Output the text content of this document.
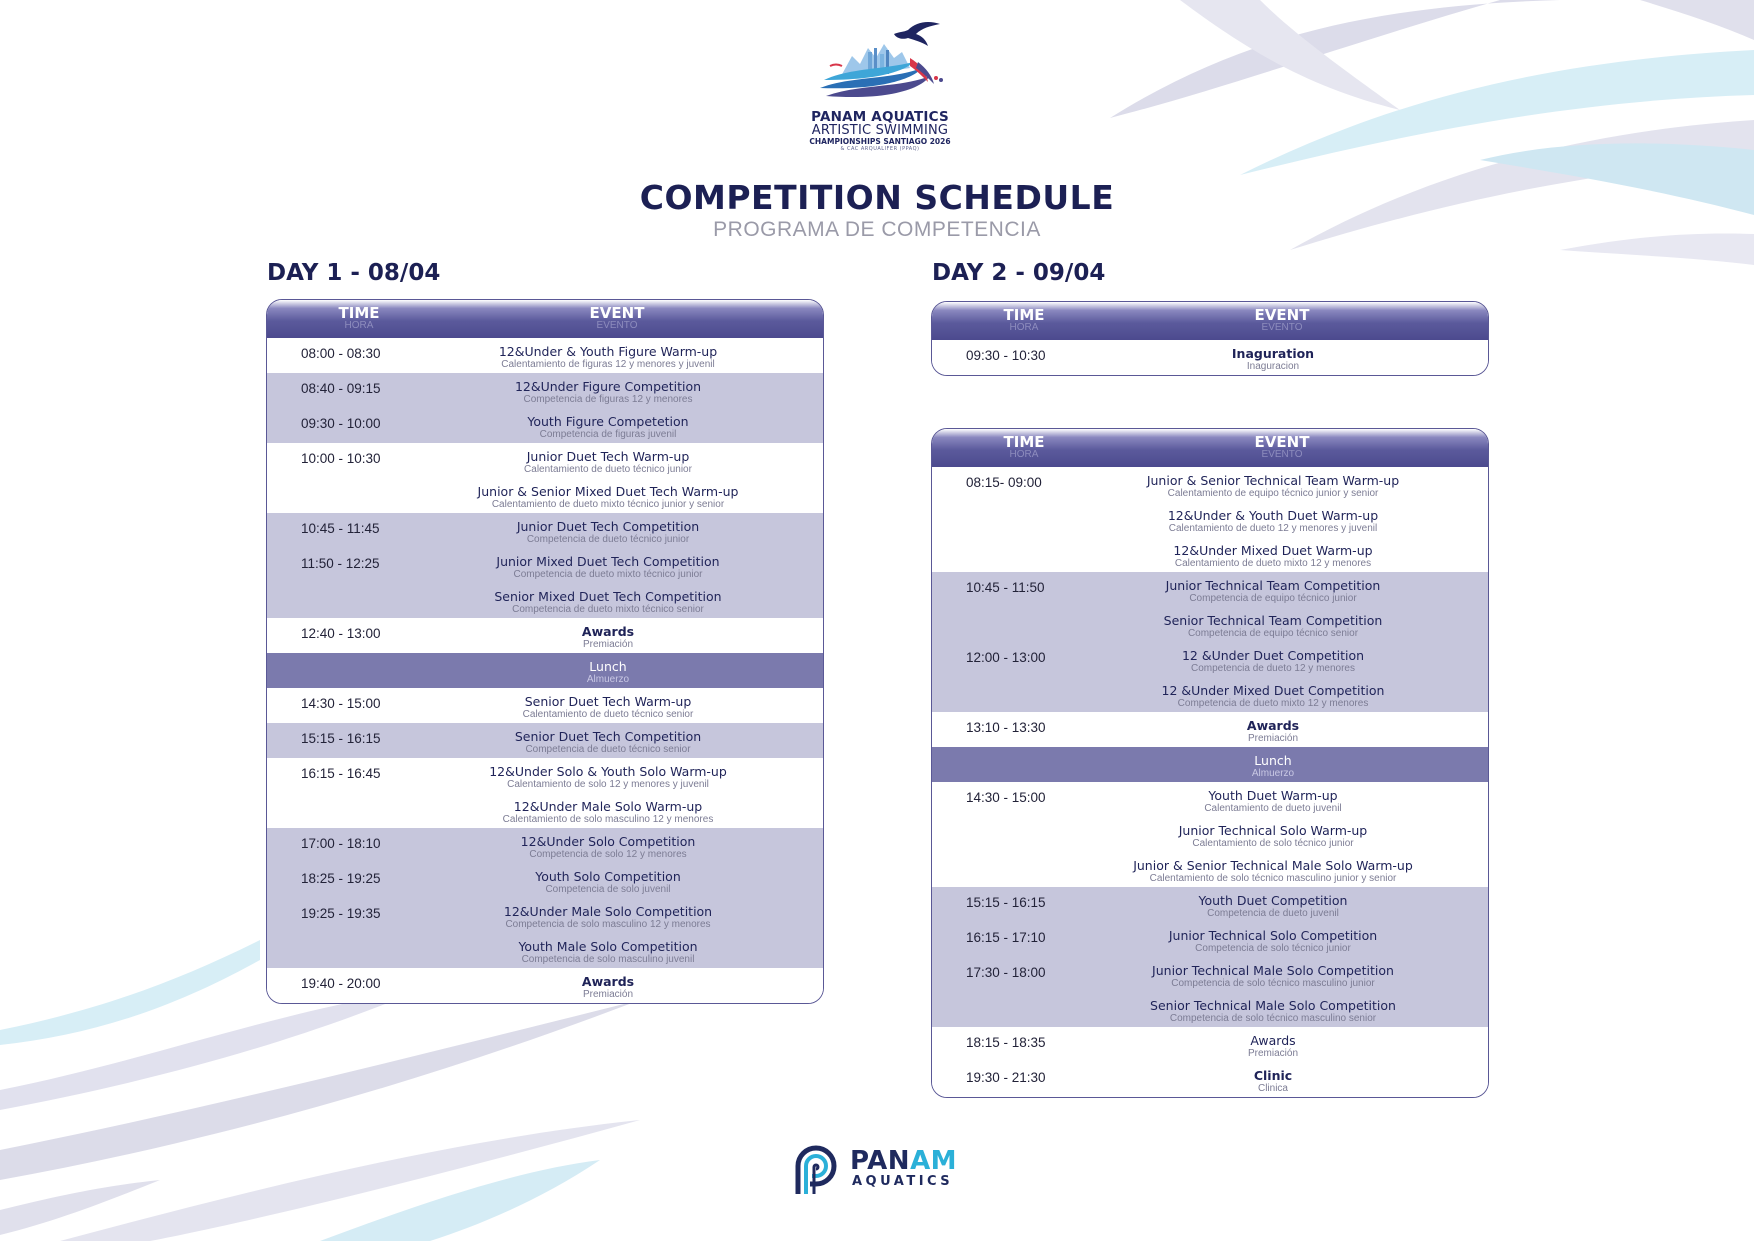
PANAM AQUATICS
ARTISTIC SWIMMING
CHAMPIONSHIPS SANTIAGO 2026
& CAC ARQUALIFER (PPAQ)
COMPETITION SCHEDULE
PROGRAMA DE COMPETENCIA
DAY 1 - 08/04
TIME
HORA
EVENT
EVENTO
08:00 - 08:30	12&Under & Youth Figure Warm-up
Calentamiento de figuras 12 y menores y juvenil
08:40 - 09:15	12&Under Figure Competition
Competencia de figuras 12 y menores
09:30 - 10:00	Youth Figure Competetion
Competencia de figuras juvenil
10:00 - 10:30	Junior Duet Tech Warm-up
Calentamiento de dueto técnico junior
Junior & Senior Mixed Duet Tech Warm-up
Calentamiento de dueto mixto técnico junior y senior
10:45 - 11:45	Junior Duet Tech Competition
Competencia de dueto técnico junior
11:50 - 12:25	Junior Mixed Duet Tech Competition
Competencia de dueto mixto técnico junior
Senior Mixed Duet Tech Competition
Competencia de dueto mixto técnico senior
12:40 - 13:00	Awards
Premiación
Lunch
Almuerzo
14:30 - 15:00	Senior Duet Tech Warm-up
Calentamiento de dueto técnico senior
15:15 - 16:15	Senior Duet Tech Competition
Competencia de dueto técnico senior
16:15 - 16:45	12&Under Solo & Youth Solo Warm-up
Calentamiento de solo 12 y menores y juvenil
12&Under Male Solo Warm-up
Calentamiento de solo masculino 12 y menores
17:00 - 18:10	12&Under Solo Competition
Competencia de solo 12 y menores
18:25 - 19:25	Youth Solo Competition
Competencia de solo juvenil
19:25 - 19:35	12&Under Male Solo Competition
Competencia de solo masculino 12 y menores
Youth Male Solo Competition
Competencia de solo masculino juvenil
19:40 - 20:00	Awards
Premiación
DAY 2 - 09/04
TIME
HORA
EVENT
EVENTO
09:30 - 10:30	Inaguration
Inaguracion
TIME
HORA
EVENT
EVENTO
08:15- 09:00	Junior & Senior Technical Team Warm-up
Calentamiento de equipo técnico junior y senior
12&Under & Youth Duet Warm-up
Calentamiento de dueto 12 y menores y juvenil
12&Under Mixed Duet Warm-up
Calentamiento de dueto mixto 12 y menores
10:45 - 11:50	Junior Technical Team Competition
Competencia de equipo técnico junior
Senior Technical Team Competition
Competencia de equipo técnico senior
12:00 - 13:00	12 &Under Duet Competition
Competencia de dueto 12 y menores
12 &Under Mixed Duet Competition
Competencia de dueto mixto 12 y menores
13:10 - 13:30	Awards
Premiación
Lunch
Almuerzo
14:30 - 15:00	Youth Duet Warm-up
Calentamiento de dueto juvenil
Junior Technical Solo Warm-up
Calentamiento de solo técnico junior
Junior & Senior Technical Male Solo Warm-up
Calentamiento de solo técnico masculino junior y senior
15:15 - 16:15	Youth Duet Competition
Competencia de dueto juvenil
16:15 - 17:10	Junior Technical Solo Competition
Competencia de solo técnico junior
17:30 - 18:00	Junior Technical Male Solo Competition
Competencia de solo técnico masculino junior
Senior Technical Male Solo Competition
Competencia de solo técnico masculino senior
18:15 - 18:35	Awards
Premiación
19:30 - 21:30	Clinic
Clinica
PANAM
AQUATICS
